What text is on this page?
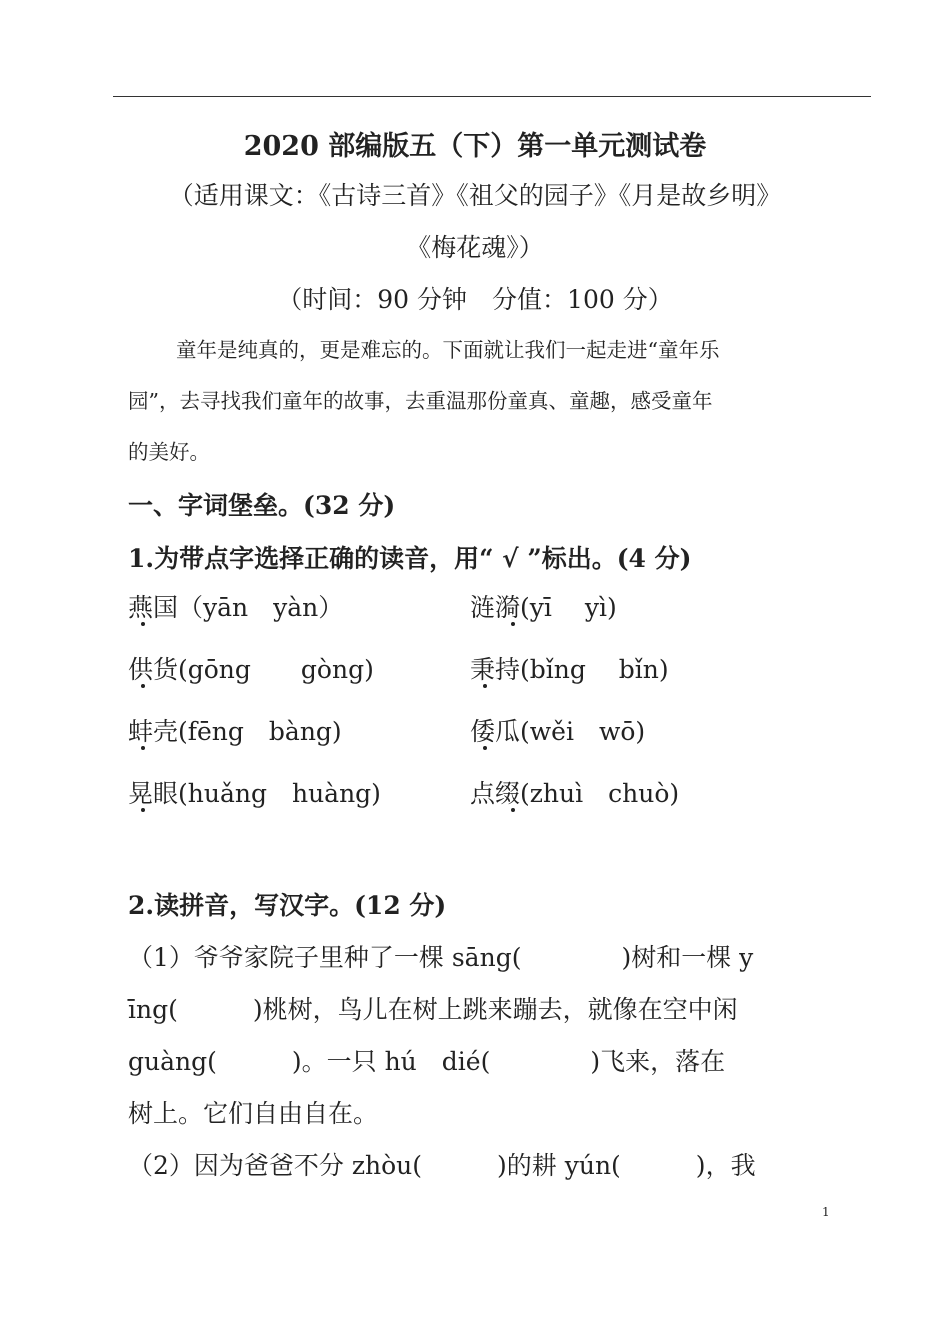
2020 部编版五（下）第一单元测试卷
（适用课文：《古诗三首》《祖父的园子》《月是故乡明》
《梅花魂》）
（时间：90 分钟　分值：100 分）
童年是纯真的，更是难忘的。下面就让我们一起走进“童年乐
园”，去寻找我们童年的故事，去重温那份童真、童趣，感受童年
的美好。
一、字词堡垒。(32 分)
1.为带点字选择正确的读音，用“ √ ”标出。(4 分)
燕国（yān　yàn）	涟漪(yī　 yì)
供货(gōng　　gòng)	秉持(bǐng　 bǐn)
蚌壳(fēng　bàng)	倭瓜(wěi　wō)
晃眼(huǎng　huàng)	点缀(zhuì　chuò)
2.读拼音，写汉字。(12 分)
（1）爷爷家院子里种了一棵 sāng(　　　　)树和一棵 y
īng(　　　)桃树，鸟儿在树上跳来蹦去，就像在空中闲
guàng(　　　)。一只 hú　dié(　　　　)飞来，落在
树上。它们自由自在。
（2）因为爸爸不分 zhòu(　　　)的耕 yún(　　　)，我
1
